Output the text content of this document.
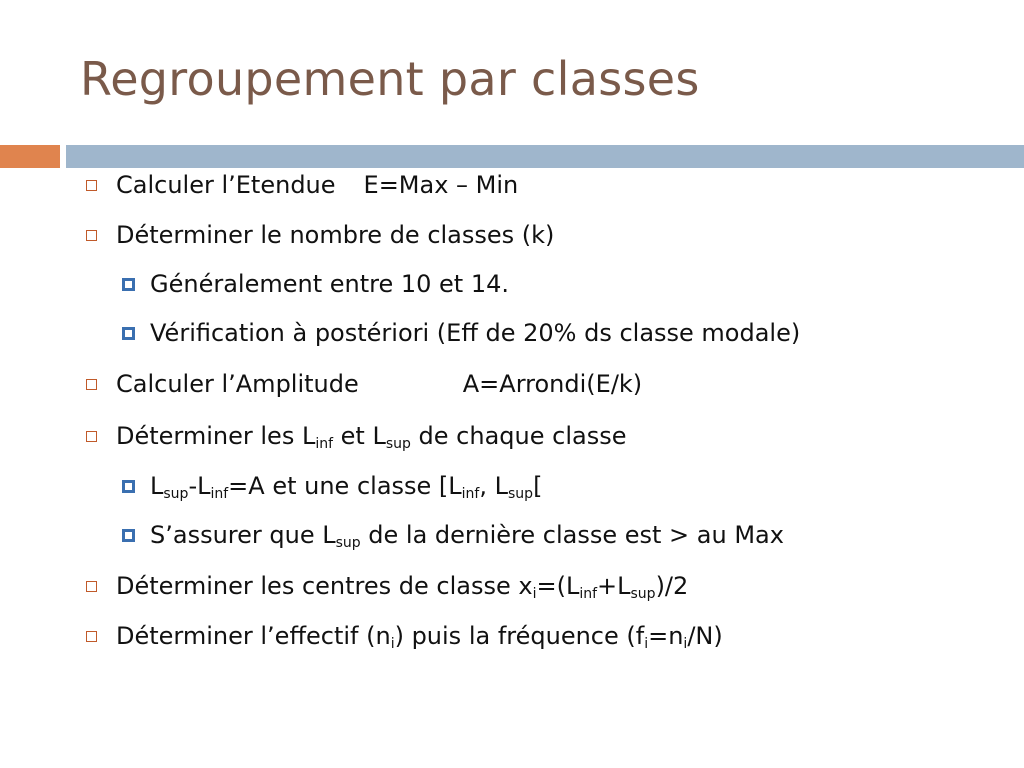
Regroupement par classes
Calculer l’Etendue E=Max – Min
Déterminer le nombre de classes (k)
Généralement entre 10 et 14.
Vérification à postériori (Eff de 20% ds classe modale)
Calculer l’Amplitude	A=Arrondi(E/k)
Déterminer les $L_{inf}$ et $L_{sup}$ de chaque classe
$L_{sup}-L_{inf}=A$ et une classe [$L_{inf}$, $L_{sup}$[
S’assurer que $L_{sup}$ de la dernière classe est > au Max
Déterminer les centres de classe $x_i=(L_{inf}+L_{sup})/2$
Déterminer l’effectif $(n_i)$ puis la fréquence $(f_i=n_i/N)$
